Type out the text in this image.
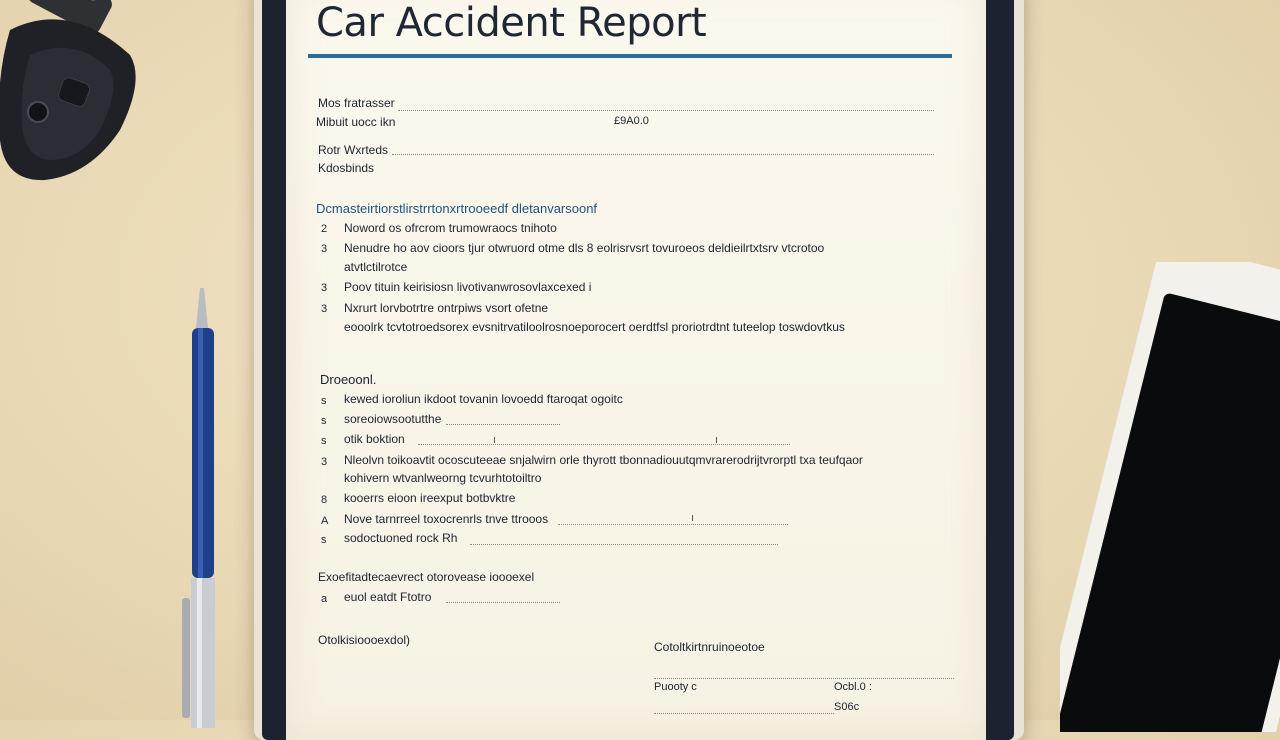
Car Accident Report
Mos fratrasser
Mibuit uocc ikn	£9A0.0
Rotr Wxrteds
Kdosbinds
Dcmasteirtiorstlirstrrtonxrtrooeedf dletanvarsoonf
2 Noword os ofrcrom trumowraocs tnihoto
3 Nenudre ho aov cioors tjur otwruord otme dls 8 eolrisrvsrt tovuroeos deldieilrtxtsrv vtcrotoo
atvtlctilrotce
3 Poov tituin keirisiosn livotivanwrosovlaxcexed i
3 Nxrurt lorvbotrtre ontrpiws vsort ofetne
eooolrk tcvtotroedsorex evsnitrvatiloolrosnoeporocert oerdtfsl proriotrdtnt tuteelop toswdovtkus
Droeoonl.
s kewed ioroliun ikdoot tovanin lovoedd ftaroqat ogoitc
s soreoiowsootutthe
s otik boktion
3 Nleolvn toikoavtit ocoscuteeae snjalwirn orle thyrott tbonnadiouutqmvrarerodrijtvrorptl txa teufqaor
kohivern wtvanlweorng tcvurhtotoiltro
8 kooerrs eioon ireexput botbvktre
A Nove tarnrreel toxocrenrls tnve ttrooos
s sodoctuoned rock Rh
Exoefitadtecaevrect otorovease ioooexel
a euol eatdt Ftotro
Otolkisioooexdol)	Cotoltkirtnruinoeotoe
Puooty c	Ocbl.0 :
S06c
